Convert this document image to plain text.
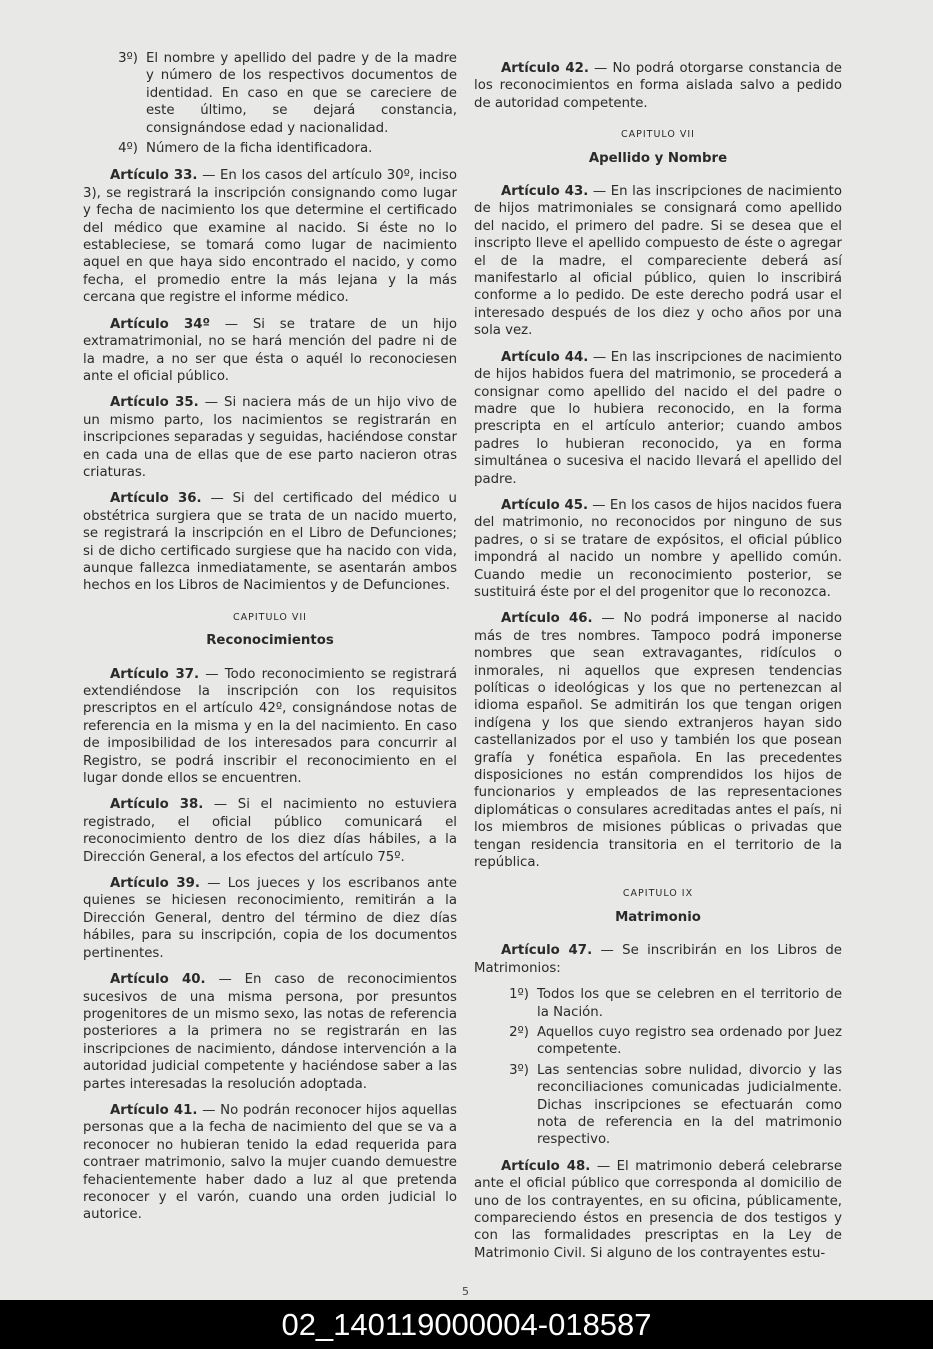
3º) El nombre y apellido del padre y de la madre y número de los respectivos documentos de identidad. En caso en que se careciere de este último, se dejará constancia, consignándose edad y nacionalidad.
4º) Número de la ficha identificadora.

Artículo 33. — En los casos del artículo 30º, inciso 3), se registrará la inscripción consignando como lugar y fecha de nacimiento los que determine el certificado del médico que examine al nacido. Si éste no lo estableciese, se tomará como lugar de nacimiento aquel en que haya sido encontrado el nacido, y como fecha, el promedio entre la más lejana y la más cercana que registre el informe médico.

Artículo 34º — Si se tratare de un hijo extramatrimonial, no se hará mención del padre ni de la madre, a no ser que ésta o aquél lo reconociesen ante el oficial público.

Artículo 35. — Si naciera más de un hijo vivo de un mismo parto, los nacimientos se registrarán en inscripciones separadas y seguidas, haciéndose constar en cada una de ellas que de ese parto nacieron otras criaturas.

Artículo 36. — Si del certificado del médico u obstétrica surgiera que se trata de un nacido muerto, se registrará la inscripción en el Libro de Defunciones; si de dicho certificado surgiese que ha nacido con vida, aunque fallezca inmediatamente, se asentarán ambos hechos en los Libros de Nacimientos y de Defunciones.

CAPITULO VII
Reconocimientos

Artículo 37. — Todo reconocimiento se registrará extendiéndose la inscripción con los requisitos prescriptos en el artículo 42º, consignándose notas de referencia en la misma y en la del nacimiento. En caso de imposibilidad de los interesados para concurrir al Registro, se podrá inscribir el reconocimiento en el lugar donde ellos se encuentren.

Artículo 38. — Si el nacimiento no estuviera registrado, el oficial público comunicará el reconocimiento dentro de los diez días hábiles, a la Dirección General, a los efectos del artículo 75º.

Artículo 39. — Los jueces y los escribanos ante quienes se hiciesen reconocimiento, remitirán a la Dirección General, dentro del término de diez días hábiles, para su inscripción, copia de los documentos pertinentes.

Artículo 40. — En caso de reconocimientos sucesivos de una misma persona, por presuntos progenitores de un mismo sexo, las notas de referencia posteriores a la primera no se registrarán en las inscripciones de nacimiento, dándose intervención a la autoridad judicial competente y haciéndose saber a las partes interesadas la resolución adoptada.

Artículo 41. — No podrán reconocer hijos aquellas personas que a la fecha de nacimiento del que se va a reconocer no hubieran tenido la edad requerida para contraer matrimonio, salvo la mujer cuando demuestre fehacientemente haber dado a luz al que pretenda reconocer y el varón, cuando una orden judicial lo autorice.

Artículo 42. — No podrá otorgarse constancia de los reconocimientos en forma aislada salvo a pedido de autoridad competente.

CAPITULO VII
Apellido y Nombre

Artículo 43. — En las inscripciones de nacimiento de hijos matrimoniales se consignará como apellido del nacido, el primero del padre. Si se desea que el inscripto lleve el apellido compuesto de éste o agregar el de la madre, el compareciente deberá así manifestarlo al oficial público, quien lo inscribirá conforme a lo pedido. De este derecho podrá usar el interesado después de los diez y ocho años por una sola vez.

Artículo 44. — En las inscripciones de nacimiento de hijos habidos fuera del matrimonio, se procederá a consignar como apellido del nacido el del padre o madre que lo hubiera reconocido, en la forma prescripta en el artículo anterior; cuando ambos padres lo hubieran reconocido, ya en forma simultánea o sucesiva el nacido llevará el apellido del padre.

Artículo 45. — En los casos de hijos nacidos fuera del matrimonio, no reconocidos por ninguno de sus padres, o si se tratare de expósitos, el oficial público impondrá al nacido un nombre y apellido común. Cuando medie un reconocimiento posterior, se sustituirá éste por el del progenitor que lo reconozca.

Artículo 46. — No podrá imponerse al nacido más de tres nombres. Tampoco podrá imponerse nombres que sean extravagantes, ridículos o inmorales, ni aquellos que expresen tendencias políticas o ideológicas y los que no pertenezcan al idioma español. Se admitirán los que tengan origen indígena y los que siendo extranjeros hayan sido castellanizados por el uso y también los que posean grafía y fonética española. En las precedentes disposiciones no están comprendidos los hijos de funcionarios y empleados de las representaciones diplomáticas o consulares acreditadas antes el país, ni los miembros de misiones públicas o privadas que tengan residencia transitoria en el territorio de la república.

CAPITULO IX
Matrimonio

Artículo 47. — Se inscribirán en los Libros de Matrimonios:

1º) Todos los que se celebren en el territorio de la Nación.
2º) Aquellos cuyo registro sea ordenado por Juez competente.
3º) Las sentencias sobre nulidad, divorcio y las reconciliaciones comunicadas judicialmente. Dichas inscripciones se efectuarán como nota de referencia en la del matrimonio respectivo.

Artículo 48. — El matrimonio deberá celebrarse ante el oficial público que corresponda al domicilio de uno de los contrayentes, en su oficina, públicamente, compareciendo éstos en presencia de dos testigos y con las formalidades prescriptas en la Ley de Matrimonio Civil. Si alguno de los contrayentes estu-

5
02_140119000004-018587
